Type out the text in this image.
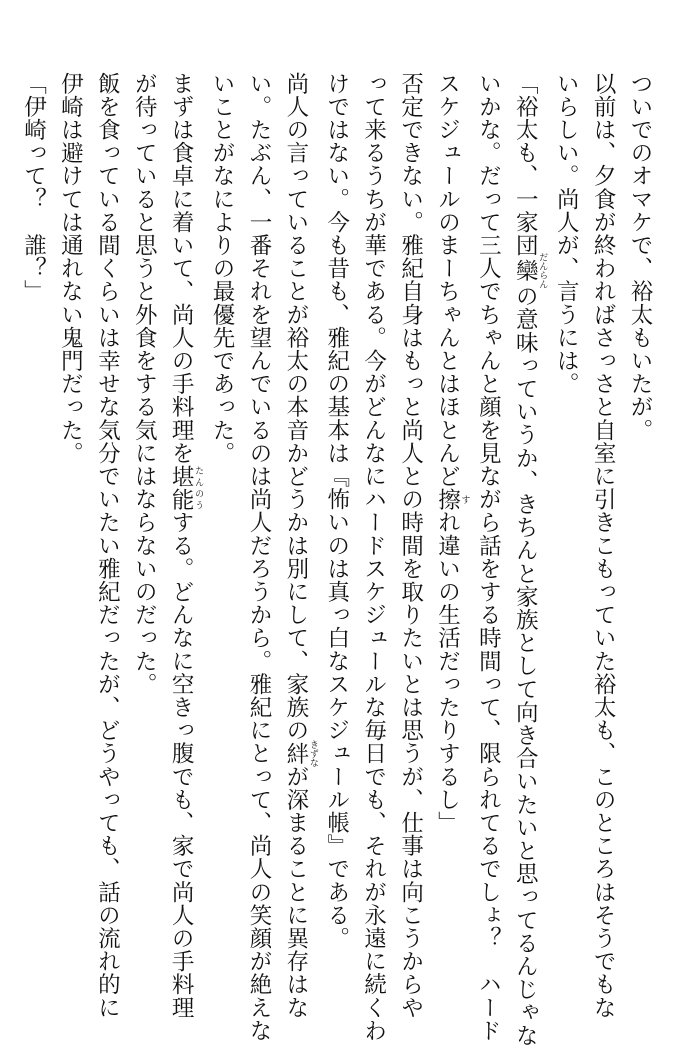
ついでのオマケで、裕太もいたが。

以前は、夕食が終わればさっさと自室に引きこもっていた裕太も、このところはそうでもな

いらしい。尚人が、言うには。

「裕太も、一家団欒 だんらんの意味っていうか、きちんと家族として向き合いたいと思ってるんじゃな

いかな。だって三人でちゃんと顔を見ながら話をする時間って、限られてるでしょ？　ハード

スケジュールのまーちゃんとはほとんど擦 すれ違いの生活だったりするし」

否定できない。雅紀自身はもっと尚人との時間を取りたいとは思うが、仕事は向こうからや

って来るうちが華である。今がどんなにハードスケジュールな毎日でも、それが永遠に続くわ

けではない。今も昔も、雅紀の基本は『怖いのは真っ白なスケジュール帳』である。

尚人の言っていることが裕太の本音かどうかは別にして、家族の絆 きずなが深まることに異存はな

い。たぶん、一番それを望んでいるのは尚人だろうから。雅紀にとって、尚人の笑顔が絶えな

いことがなによりの最優先であった。

まずは食卓に着いて、尚人の手料理を堪能 たんのうする。どんなに空きっ腹でも、家で尚人の手料理

が待っていると思うと外食をする気にはならないのだった。

飯を食っている間くらいは幸せな気分でいたい雅紀だったが、どうやっても、話の流れ的に

伊崎は避けては通れない鬼門だった。

「伊崎って？　誰？」
